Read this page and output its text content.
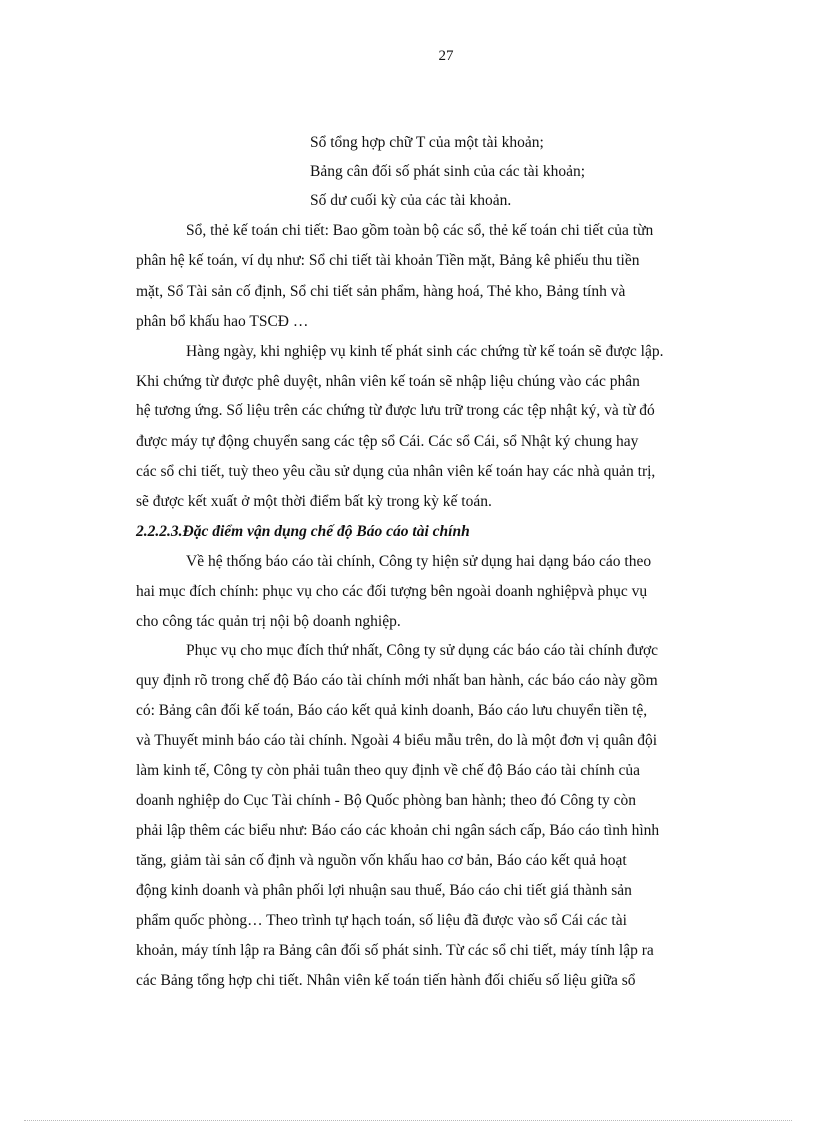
27
Sổ tổng hợp chữ T của một tài khoản;
Bảng cân đối số phát sinh của các tài khoản;
Số dư cuối kỳ của các tài khoản.
Sổ, thẻ kế toán chi tiết: Bao gồm toàn bộ các sổ, thẻ kế toán chi tiết của từn
phân hệ kế toán, ví dụ như: Sổ chi tiết tài khoản Tiền mặt, Bảng kê phiếu thu tiền
mặt, Sổ Tài sản cố định, Sổ chi tiết sản phẩm, hàng hoá, Thẻ kho, Bảng tính và
phân bổ khấu hao TSCĐ …
Hàng ngày, khi nghiệp vụ kinh tế phát sinh các chứng từ kế toán sẽ được lập.
Khi chứng từ được phê duyệt, nhân viên kế toán sẽ nhập liệu chúng vào các phân
hệ tương ứng. Số liệu trên các chứng từ được lưu trữ trong các tệp nhật ký, và từ đó
được máy tự động chuyển sang các tệp sổ Cái. Các sổ Cái, sổ Nhật ký chung hay
các sổ chi tiết, tuỳ theo yêu cầu sử dụng của nhân viên kế toán hay các nhà quản trị,
sẽ được kết xuất ở một thời điểm bất kỳ trong kỳ kế toán.
2.2.2.3.Đặc điểm vận dụng chế độ Báo cáo tài chính
Về hệ thống báo cáo tài chính, Công ty hiện sử dụng hai dạng báo cáo theo
hai mục đích chính: phục vụ cho các đối tượng bên ngoài doanh nghiệpvà phục vụ
cho công tác quản trị nội bộ doanh nghiệp.
Phục vụ cho mục đích thứ nhất, Công ty sử dụng các báo cáo tài chính được
quy định rõ trong chế độ Báo cáo tài chính mới nhất ban hành, các báo cáo này gồm
có: Bảng cân đối kế toán, Báo cáo kết quả kinh doanh, Báo cáo lưu chuyển tiền tệ,
và Thuyết minh báo cáo tài chính. Ngoài 4 biểu mẫu trên, do là một đơn vị quân đội
làm kinh tế, Công ty còn phải tuân theo quy định về chế độ Báo cáo tài chính của
doanh nghiệp do Cục Tài chính - Bộ Quốc phòng ban hành; theo đó Công ty còn
phải lập thêm các biểu như: Báo cáo các khoản chi ngân sách cấp, Báo cáo tình hình
tăng, giảm tài sản cố định và nguồn vốn khấu hao cơ bản, Báo cáo kết quả hoạt
động kinh doanh và phân phối lợi nhuận sau thuế, Báo cáo chi tiết giá thành sản
phẩm quốc phòng… Theo trình tự hạch toán, số liệu đã được vào sổ Cái các tài
khoản, máy tính lập ra Bảng cân đối số phát sinh. Từ các sổ chi tiết, máy tính lập ra
các Bảng tổng hợp chi tiết. Nhân viên kế toán tiến hành đối chiếu số liệu giữa sổ
